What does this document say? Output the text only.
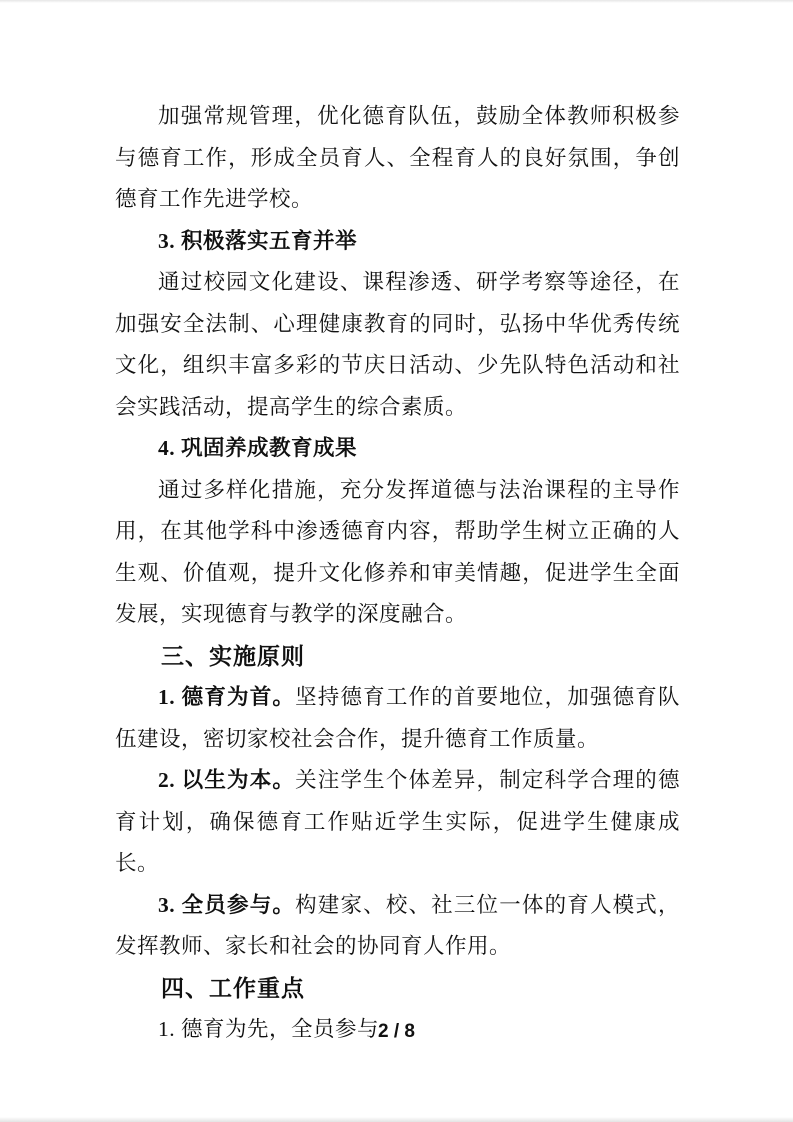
加强常规管理，优化德育队伍，鼓励全体教师积极参与德育工作，形成全员育人、全程育人的良好氛围，争创德育工作先进学校。

3. 积极落实五育并举

通过校园文化建设、课程渗透、研学考察等途径，在加强安全法制、心理健康教育的同时，弘扬中华优秀传统文化，组织丰富多彩的节庆日活动、少先队特色活动和社会实践活动，提高学生的综合素质。

4. 巩固养成教育成果

通过多样化措施，充分发挥道德与法治课程的主导作用，在其他学科中渗透德育内容，帮助学生树立正确的人生观、价值观，提升文化修养和审美情趣，促进学生全面发展，实现德育与教学的深度融合。

三、实施原则

1. 德育为首。坚持德育工作的首要地位，加强德育队伍建设，密切家校社会合作，提升德育工作质量。

2. 以生为本。关注学生个体差异，制定科学合理的德育计划，确保德育工作贴近学生实际，促进学生健康成长。

3. 全员参与。构建家、校、社三位一体的育人模式，发挥教师、家长和社会的协同育人作用。

四、工作重点

1. 德育为先，全员参与

2 / 8
